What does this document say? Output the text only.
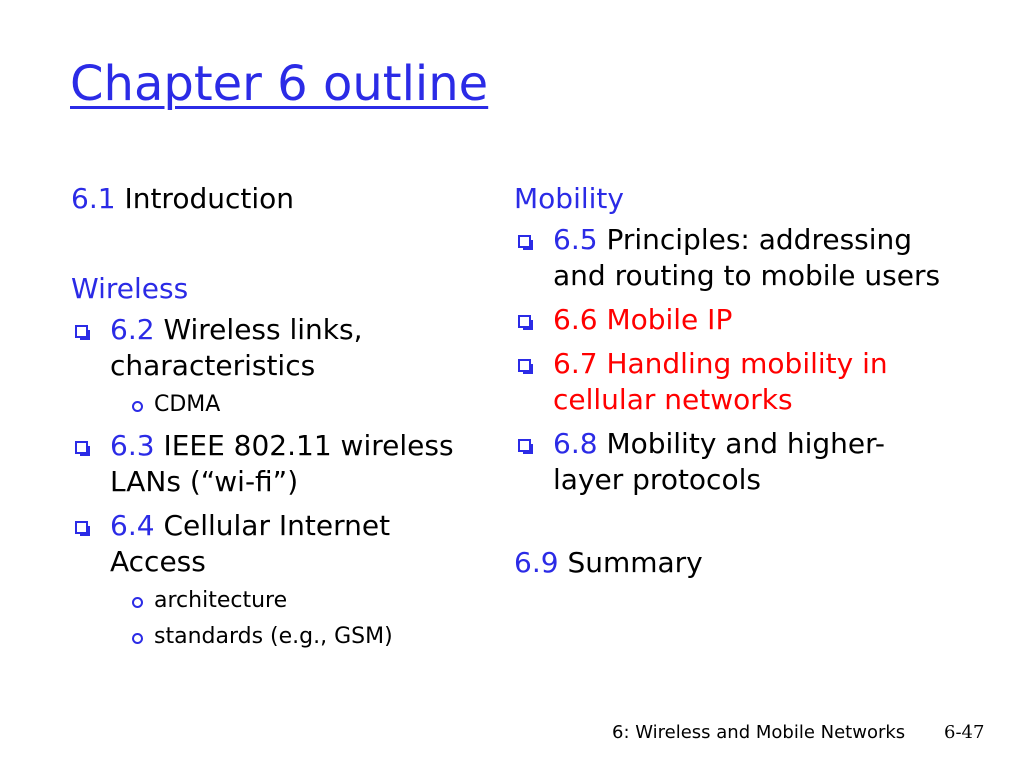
Chapter 6 outline
6.1 Introduction
Wireless
6.2 Wireless links, characteristics
CDMA
6.3 IEEE 802.11 wireless LANs (“wi-fi”)
6.4 Cellular Internet Access
architecture
standards (e.g., GSM)
Mobility
6.5 Principles: addressing and routing to mobile users
6.6 Mobile IP
6.7 Handling mobility in cellular networks
6.8 Mobility and higher-layer protocols
6.9 Summary
6: Wireless and Mobile Networks 6-47
